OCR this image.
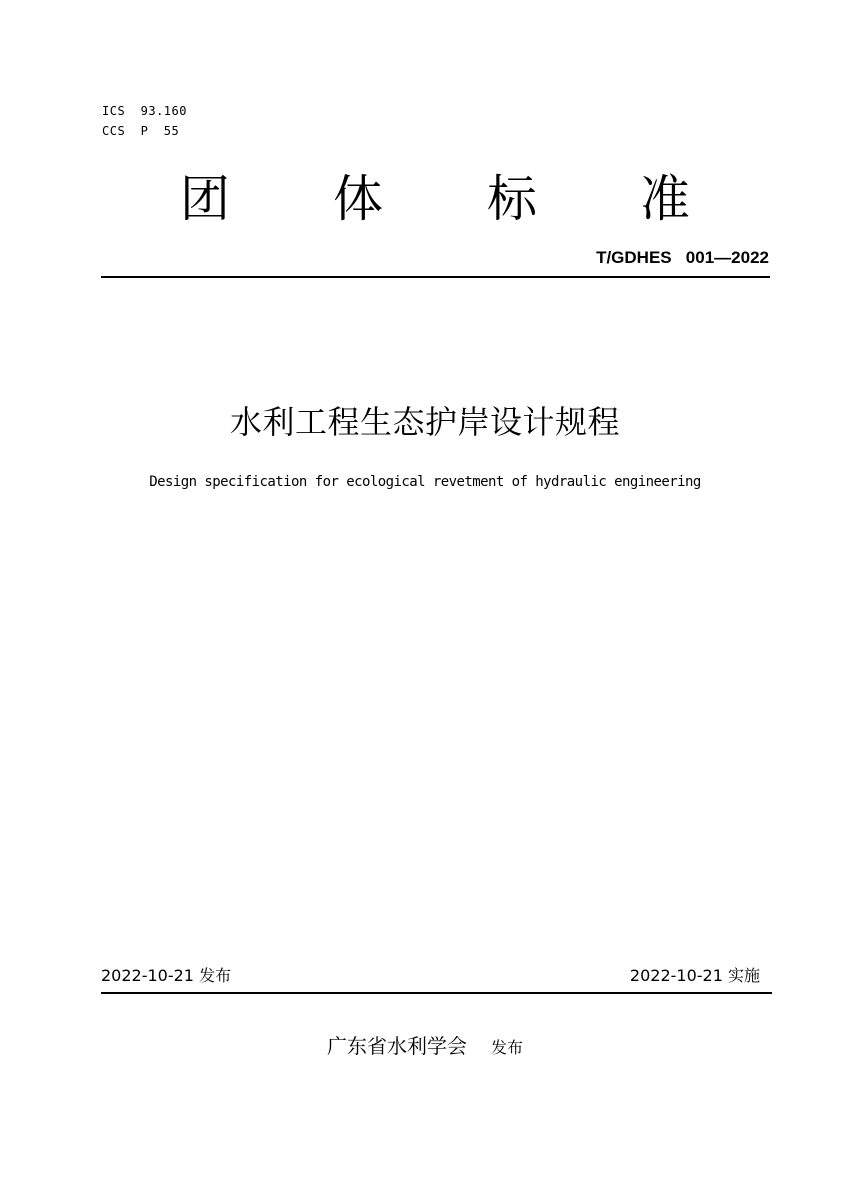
ICS  93.160
CCS  P  55
团 体 标 准
T/GDHES   001—2022
水利工程生态护岸设计规程
Design specification for ecological revetment of hydraulic engineering
2022-10-21 发布	2022-10-21 实施
广东省水利学会 发布
